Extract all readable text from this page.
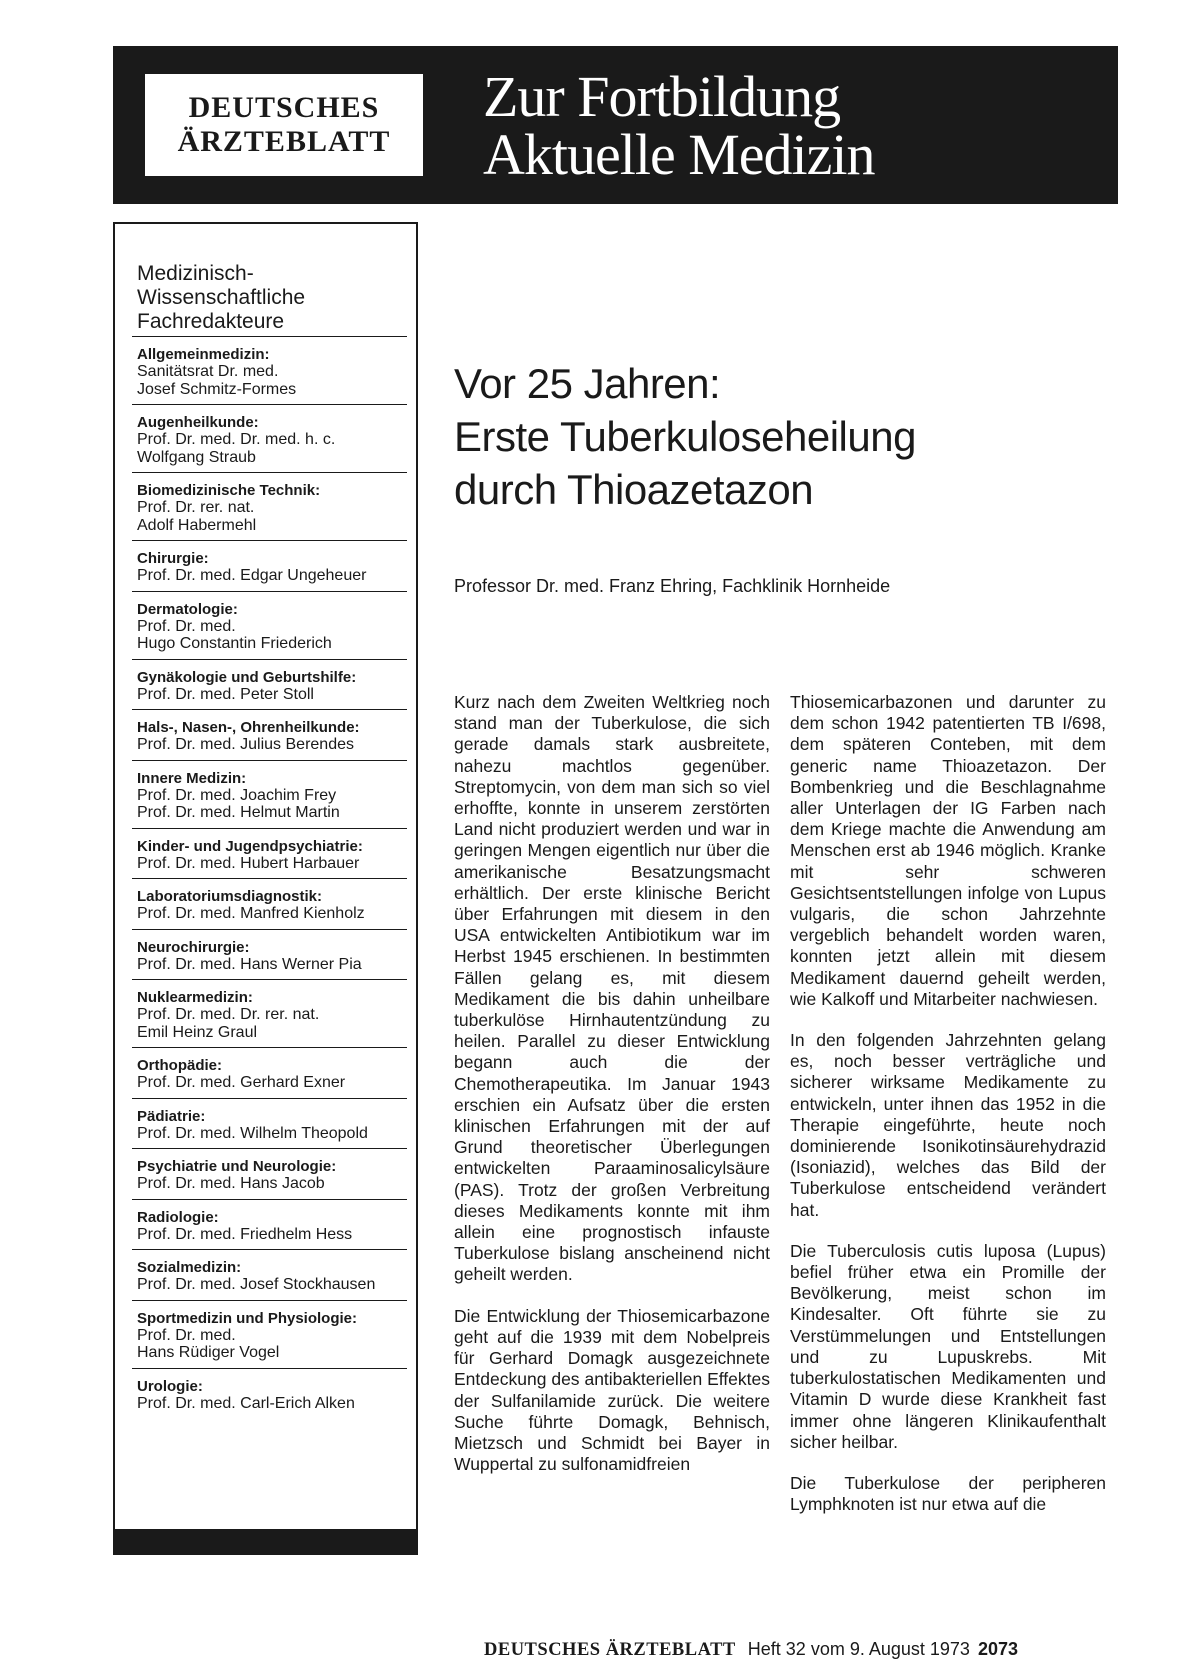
DEUTSCHES
ÄRZTEBLATT
Zur Fortbildung
Aktuelle Medizin
Medizinisch-
Wissenschaftliche
Fachredakteure
Allgemeinmedizin:
Sanitätsrat Dr. med.
Josef Schmitz-Formes
Augenheilkunde:
Prof. Dr. med. Dr. med. h. c.
Wolfgang Straub
Biomedizinische Technik:
Prof. Dr. rer. nat.
Adolf Habermehl
Chirurgie:
Prof. Dr. med. Edgar Ungeheuer
Dermatologie:
Prof. Dr. med.
Hugo Constantin Friederich
Gynäkologie und Geburtshilfe:
Prof. Dr. med. Peter Stoll
Hals-, Nasen-, Ohrenheilkunde:
Prof. Dr. med. Julius Berendes
Innere Medizin:
Prof. Dr. med. Joachim Frey
Prof. Dr. med. Helmut Martin
Kinder- und Jugendpsychiatrie:
Prof. Dr. med. Hubert Harbauer
Laboratoriumsdiagnostik:
Prof. Dr. med. Manfred Kienholz
Neurochirurgie:
Prof. Dr. med. Hans Werner Pia
Nuklearmedizin:
Prof. Dr. med. Dr. rer. nat.
Emil Heinz Graul
Orthopädie:
Prof. Dr. med. Gerhard Exner
Pädiatrie:
Prof. Dr. med. Wilhelm Theopold
Psychiatrie und Neurologie:
Prof. Dr. med. Hans Jacob
Radiologie:
Prof. Dr. med. Friedhelm Hess
Sozialmedizin:
Prof. Dr. med. Josef Stockhausen
Sportmedizin und Physiologie:
Prof. Dr. med.
Hans Rüdiger Vogel
Urologie:
Prof. Dr. med. Carl-Erich Alken
Vor 25 Jahren:
Erste Tuberkuloseheilung
durch Thioazetazon
Professor Dr. med. Franz Ehring, Fachklinik Hornheide

Kurz nach dem Zweiten Weltkrieg noch stand man der Tuberkulose, die sich gerade damals stark ausbreitete, nahezu machtlos gegenüber. Streptomycin, von dem man sich so viel erhoffte, konnte in unserem zerstörten Land nicht produziert werden und war in geringen Mengen eigentlich nur über die amerikanische Besatzungsmacht erhältlich. Der erste klinische Bericht über Erfahrungen mit diesem in den USA entwickelten Antibiotikum war im Herbst 1945 erschienen. In bestimmten Fällen gelang es, mit diesem Medikament die bis dahin unheilbare tuberkulöse Hirnhautentzündung zu heilen. Parallel zu dieser Entwicklung begann auch die der Chemotherapeutika. Im Januar 1943 erschien ein Aufsatz über die ersten klinischen Erfahrungen mit der auf Grund theoretischer Überlegungen entwickelten Paraaminosalicylsäure (PAS). Trotz der großen Verbreitung dieses Medikaments konnte mit ihm allein eine prognostisch infauste Tuberkulose bislang anscheinend nicht geheilt werden.

Die Entwicklung der Thiosemicarbazone geht auf die 1939 mit dem Nobelpreis für Gerhard Domagk ausgezeichnete Entdeckung des antibakteriellen Effektes der Sulfanilamide zurück. Die weitere Suche führte Domagk, Behnisch, Mietzsch und Schmidt bei Bayer in Wuppertal zu sulfonamidfreien

Thiosemicarbazonen und darunter zu dem schon 1942 patentierten TB I/698, dem späteren Conteben, mit dem generic name Thioazetazon. Der Bombenkrieg und die Beschlagnahme aller Unterlagen der IG Farben nach dem Kriege machte die Anwendung am Menschen erst ab 1946 möglich. Kranke mit sehr schweren Gesichtsentstellungen infolge von Lupus vulgaris, die schon Jahrzehnte vergeblich behandelt worden waren, konnten jetzt allein mit diesem Medikament dauernd geheilt werden, wie Kalkoff und Mitarbeiter nachwiesen.

In den folgenden Jahrzehnten gelang es, noch besser verträgliche und sicherer wirksame Medikamente zu entwickeln, unter ihnen das 1952 in die Therapie eingeführte, heute noch dominierende Isonikotinsäurehydrazid (Isoniazid), welches das Bild der Tuberkulose entscheidend verändert hat.

Die Tuberculosis cutis luposa (Lupus) befiel früher etwa ein Promille der Bevölkerung, meist schon im Kindesalter. Oft führte sie zu Verstümmelungen und Entstellungen und zu Lupuskrebs. Mit tuberkulostatischen Medikamenten und Vitamin D wurde diese Krankheit fast immer ohne längeren Klinikaufenthalt sicher heilbar.

Die Tuberkulose der peripheren Lymphknoten ist nur etwa auf die

DEUTSCHES ÄRZTEBLATT Heft 32 vom 9. August 1973 2073
